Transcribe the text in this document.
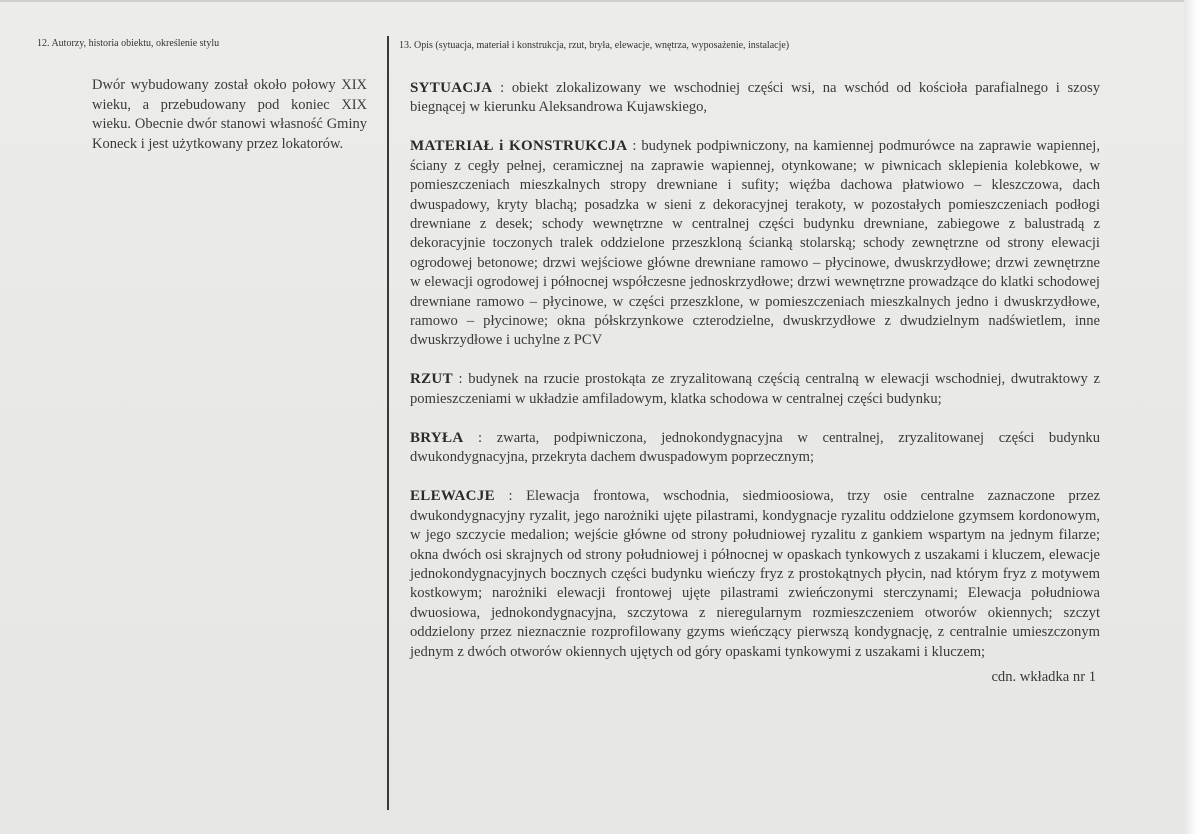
12. Autorzy, historia obiektu, określenie stylu	13. Opis (sytuacja, materiał i konstrukcja, rzut, bryła, elewacje, wnętrza, wyposażenie, instalacje)

Dwór wybudowany został około połowy XIX wieku, a przebudowany pod koniec XIX wieku. Obecnie dwór stanowi własność Gminy Koneck i jest użytkowany przez lokatorów.

SYTUACJA : obiekt zlokalizowany we wschodniej części wsi, na wschód od kościoła parafialnego i szosy biegnącej w kierunku Aleksandrowa Kujawskiego,

MATERIAŁ i KONSTRUKCJA : budynek podpiwniczony, na kamiennej podmurówce na zaprawie wapiennej, ściany z cegły pełnej, ceramicznej na zaprawie wapiennej, otynkowane; w piwnicach sklepienia kolebkowe, w pomieszczeniach mieszkalnych stropy drewniane i sufity; więźba dachowa płatwiowo – kleszczowa, dach dwuspadowy, kryty blachą; posadzka w sieni z dekoracyjnej terakoty, w pozostałych pomieszczeniach podłogi drewniane z desek; schody wewnętrzne w centralnej części budynku drewniane, zabiegowe z balustradą z dekoracyjnie toczonych tralek oddzielone przeszkloną ścianką stolarską; schody zewnętrzne od strony elewacji ogrodowej betonowe; drzwi wejściowe główne drewniane ramowo – płycinowe, dwuskrzydłowe; drzwi zewnętrzne w elewacji ogrodowej i północnej współczesne jednoskrzydłowe; drzwi wewnętrzne prowadzące do klatki schodowej drewniane ramowo – płycinowe, w części przeszklone, w pomieszczeniach mieszkalnych jedno i dwuskrzydłowe, ramowo – płycinowe; okna półskrzynkowe czterodzielne, dwuskrzydłowe z dwudzielnym nadświetlem, inne dwuskrzydłowe i uchylne z PCV

RZUT : budynek na rzucie prostokąta ze zryzalitowaną częścią centralną w elewacji wschodniej, dwutraktowy z pomieszczeniami w układzie amfiladowym, klatka schodowa w centralnej części budynku;

BRYŁA : zwarta, podpiwniczona, jednokondygnacyjna w centralnej, zryzalitowanej części budynku dwukondygnacyjna, przekryta dachem dwuspadowym poprzecznym;

ELEWACJE : Elewacja frontowa, wschodnia, siedmioosiowa, trzy osie centralne zaznaczone przez dwukondygnacyjny ryzalit, jego narożniki ujęte pilastrami, kondygnacje ryzalitu oddzielone gzymsem kordonowym, w jego szczycie medalion; wejście główne od strony południowej ryzalitu z gankiem wspartym na jednym filarze; okna dwóch osi skrajnych od strony południowej i północnej w opaskach tynkowych z uszakami i kluczem, elewacje jednokondygnacyjnych bocznych części budynku wieńczy fryz z prostokątnych płycin, nad którym fryz z motywem kostkowym; narożniki elewacji frontowej ujęte pilastrami zwieńczonymi sterczynami; Elewacja południowa dwuosiowa, jednokondygnacyjna, szczytowa z nieregularnym rozmieszczeniem otworów okiennych; szczyt oddzielony przez nieznacznie rozprofilowany gzyms wieńczący pierwszą kondygnację, z centralnie umieszczonym jednym z dwóch otworów okiennych ujętych od góry opaskami tynkowymi z uszakami i kluczem;

cdn. wkładka nr 1
